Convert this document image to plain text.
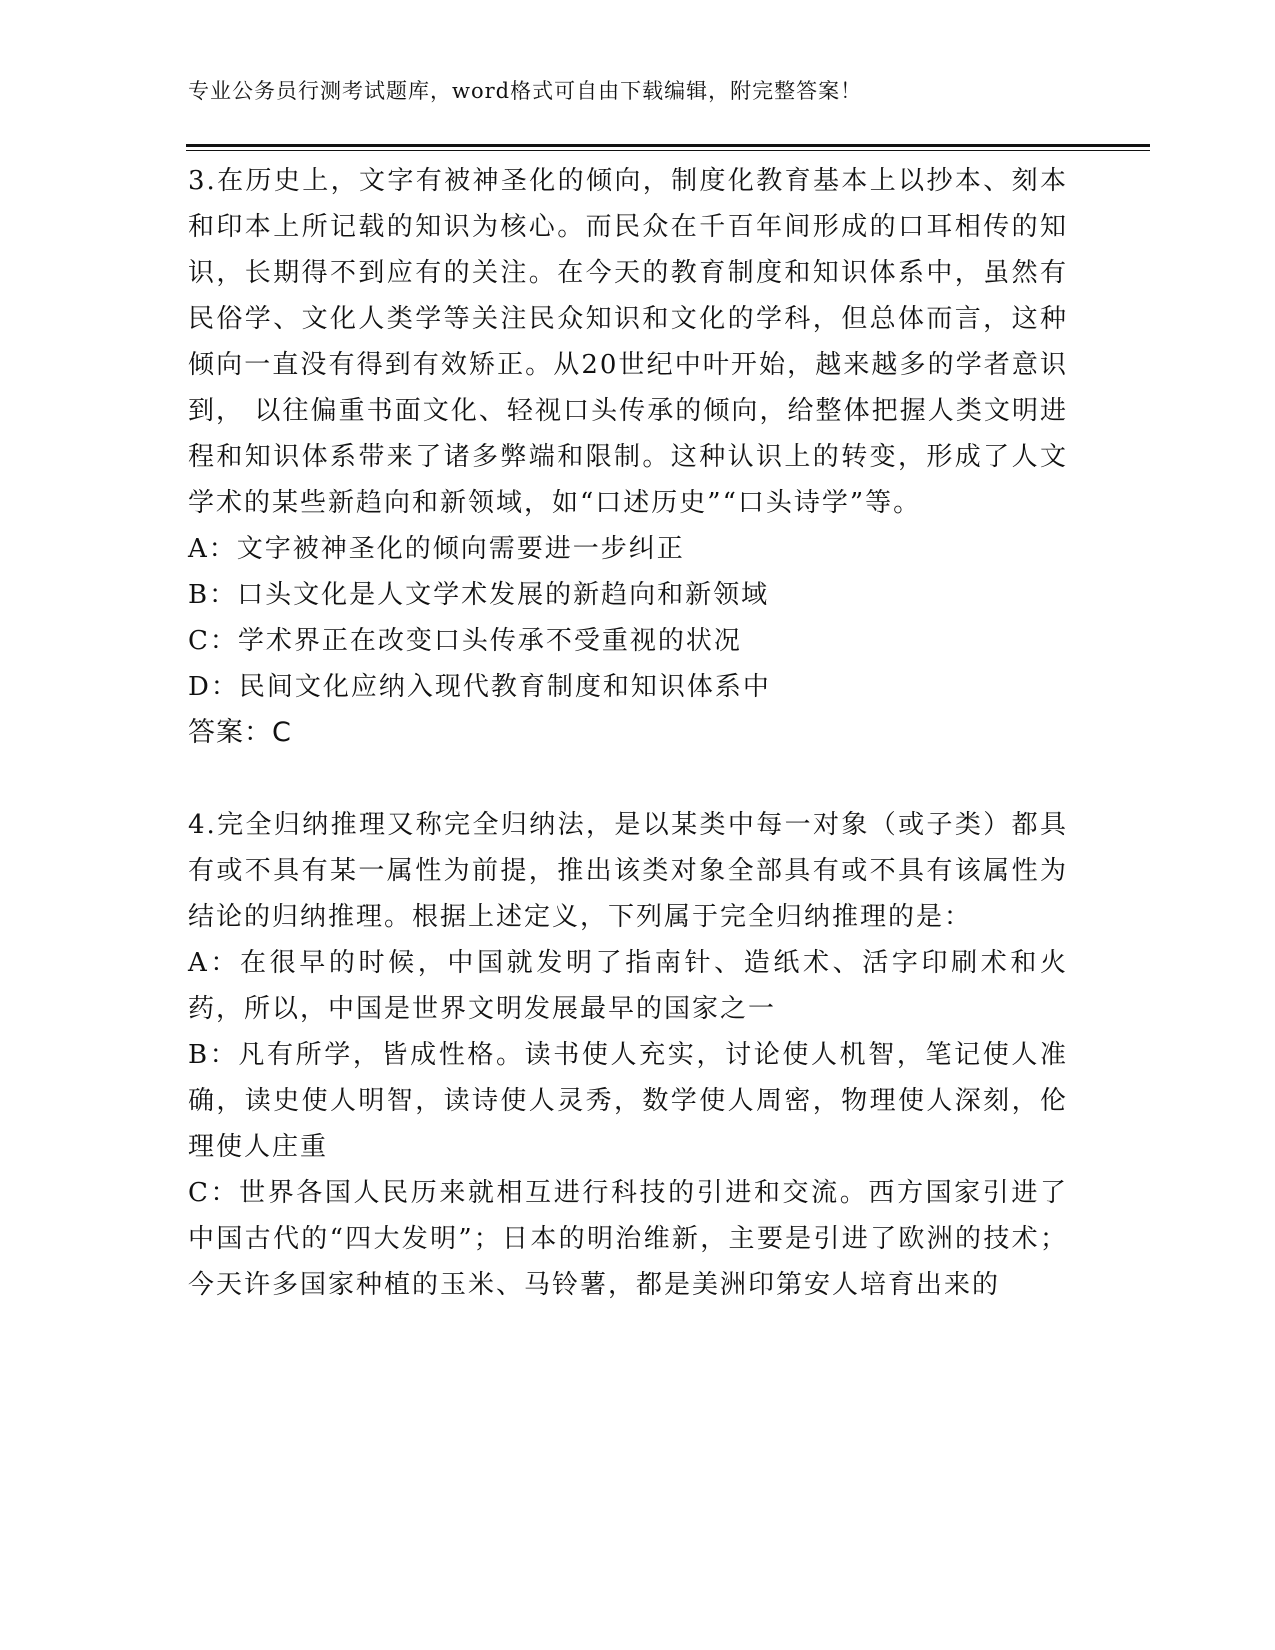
专业公务员行测考试题库，word格式可自由下载编辑，附完整答案！

3.在历史上，文字有被神圣化的倾向，制度化教育基本上以抄本、刻本和印本上所记载的知识为核心。而民众在千百年间形成的口耳相传的知识，长期得不到应有的关注。在今天的教育制度和知识体系中，虽然有民俗学、文化人类学等关注民众知识和文化的学科，但总体而言，这种倾向一直没有得到有效矫正。从20世纪中叶开始，越来越多的学者意识到， 以往偏重书面文化、轻视口头传承的倾向，给整体把握人类文明进程和知识体系带来了诸多弊端和限制。这种认识上的转变，形成了人文学术的某些新趋向和新领域，如“口述历史”“口头诗学”等。

A：文字被神圣化的倾向需要进一步纠正

B：口头文化是人文学术发展的新趋向和新领域

C：学术界正在改变口头传承不受重视的状况

D：民间文化应纳入现代教育制度和知识体系中

答案：C

4.完全归纳推理又称完全归纳法，是以某类中每一对象（或子类）都具有或不具有某一属性为前提，推出该类对象全部具有或不具有该属性为结论的归纳推理。根据上述定义，下列属于完全归纳推理的是：

A：在很早的时候，中国就发明了指南针、造纸术、活字印刷术和火药，所以，中国是世界文明发展最早的国家之一

B：凡有所学，皆成性格。读书使人充实，讨论使人机智，笔记使人准确，读史使人明智，读诗使人灵秀，数学使人周密，物理使人深刻，伦理使人庄重

C：世界各国人民历来就相互进行科技的引进和交流。西方国家引进了中国古代的“四大发明”；日本的明治维新，主要是引进了欧洲的技术；今天许多国家种植的玉米、马铃薯，都是美洲印第安人培育出来的
